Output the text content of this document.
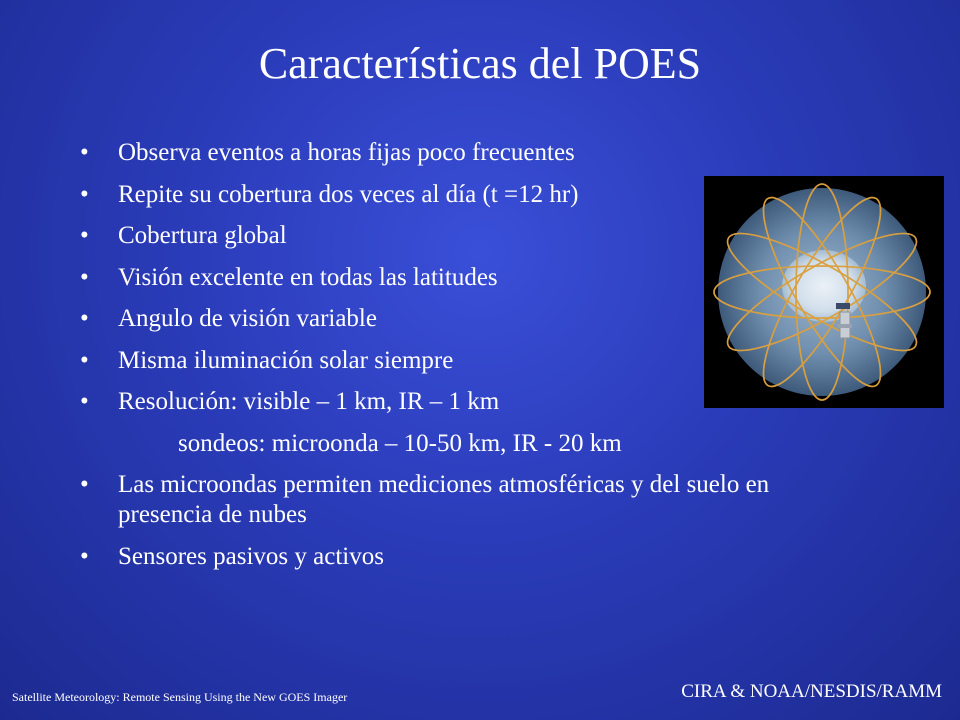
Características del POES
•	Observa eventos a horas fijas poco frecuentes
•	Repite su cobertura dos veces al día (t =12 hr)
•	Cobertura global
•	Visión excelente en todas las latitudes
•	Angulo de visión variable
•	Misma iluminación solar siempre
•	Resolución: visible – 1 km, IR – 1 km
sondeos: microonda – 10-50 km, IR - 20 km
•	Las microondas permiten mediciones atmosféricas y del suelo en presencia de nubes
•	Sensores pasivos y activos
Satellite Meteorology: Remote Sensing Using the New GOES Imager	CIRA & NOAA/NESDIS/RAMM
